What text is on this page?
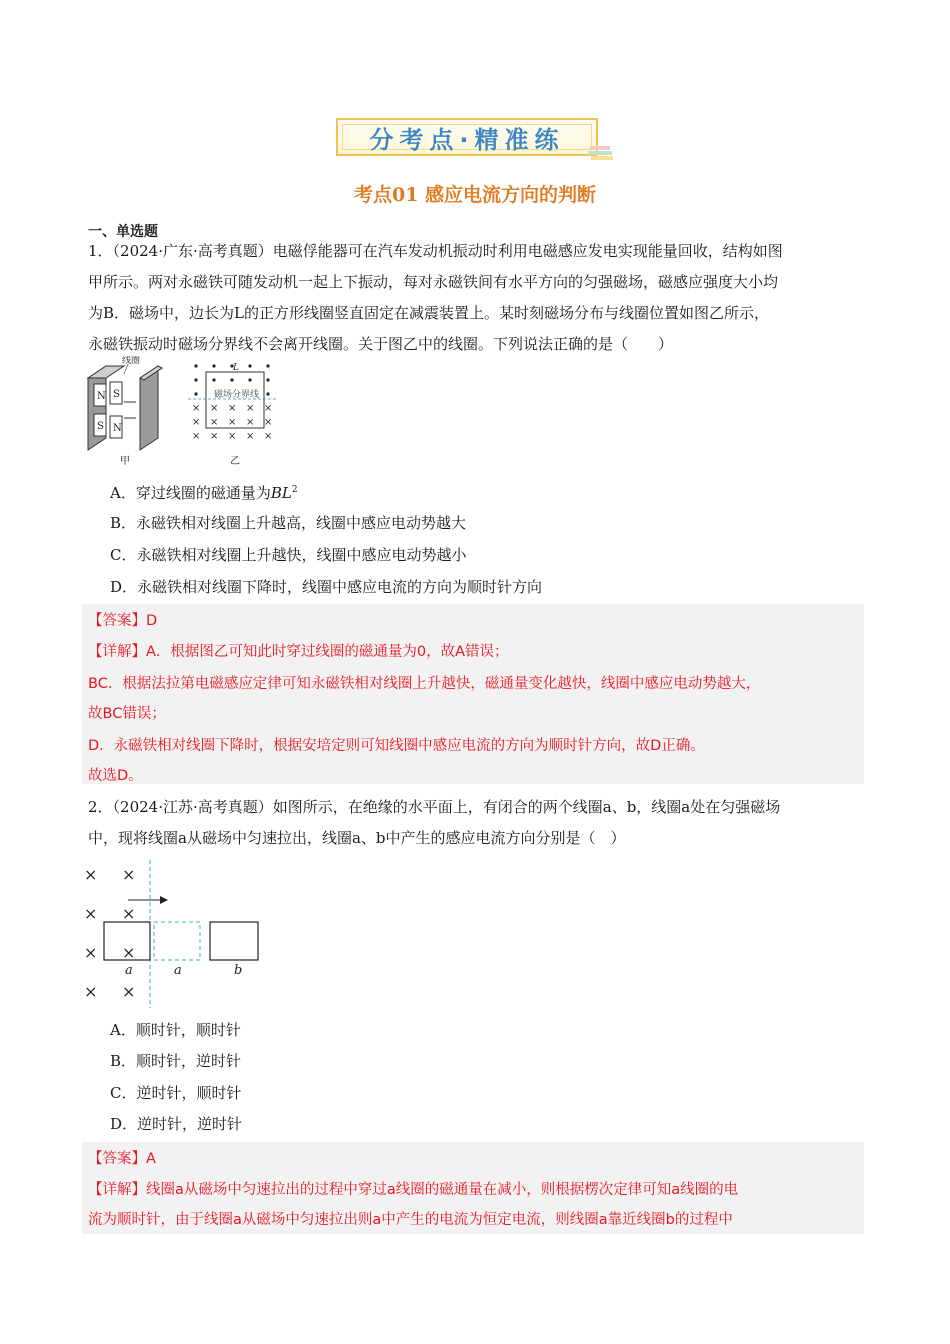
分考点·精准练
考点01 感应电流方向的判断
一、单选题
1．（2024·广东·高考真题）电磁俘能器可在汽车发动机振动时利用电磁感应发电实现能量回收，结构如图
甲所示。两对永磁铁可随发动机一起上下振动，每对永磁铁间有水平方向的匀强磁场，磁感应强度大小均
为B．磁场中，边长为L的正方形线圈竖直固定在减震装置上。某时刻磁场分布与线圈位置如图乙所示，
永磁铁振动时磁场分界线不会离开线圈。关于图乙中的线圈。下列说法正确的是（　　）
N
S
S
N
线圈
甲
× × × × ×
× × × × ×
× × × × ×
L
磁场分界线
乙
A．穿过线圈的磁通量为$BL^2$
B．永磁铁相对线圈上升越高，线圈中感应电动势越大
C．永磁铁相对线圈上升越快，线圈中感应电动势越小
D．永磁铁相对线圈下降时，线圈中感应电流的方向为顺时针方向
【答案】D
【详解】A．根据图乙可知此时穿过线圈的磁通量为0，故A错误；
BC．根据法拉第电磁感应定律可知永磁铁相对线圈上升越快，磁通量变化越快，线圈中感应电动势越大，
故BC错误；
D．永磁铁相对线圈下降时，根据安培定则可知线圈中感应电流的方向为顺时针方向，故D正确。
故选D。
2．（2024·江苏·高考真题）如图所示，在绝缘的水平面上，有闭合的两个线圈a、b，线圈a处在匀强磁场
中，现将线圈a从磁场中匀速拉出，线圈a、b中产生的感应电流方向分别是（　）
× ×
× ×
× ×
× ×
a	a	b
A．顺时针，顺时针
B．顺时针，逆时针
C．逆时针，顺时针
D．逆时针，逆时针
【答案】A
【详解】线圈a从磁场中匀速拉出的过程中穿过a线圈的磁通量在减小，则根据楞次定律可知a线圈的电
流为顺时针，由于线圈a从磁场中匀速拉出则a中产生的电流为恒定电流，则线圈a靠近线圈b的过程中
